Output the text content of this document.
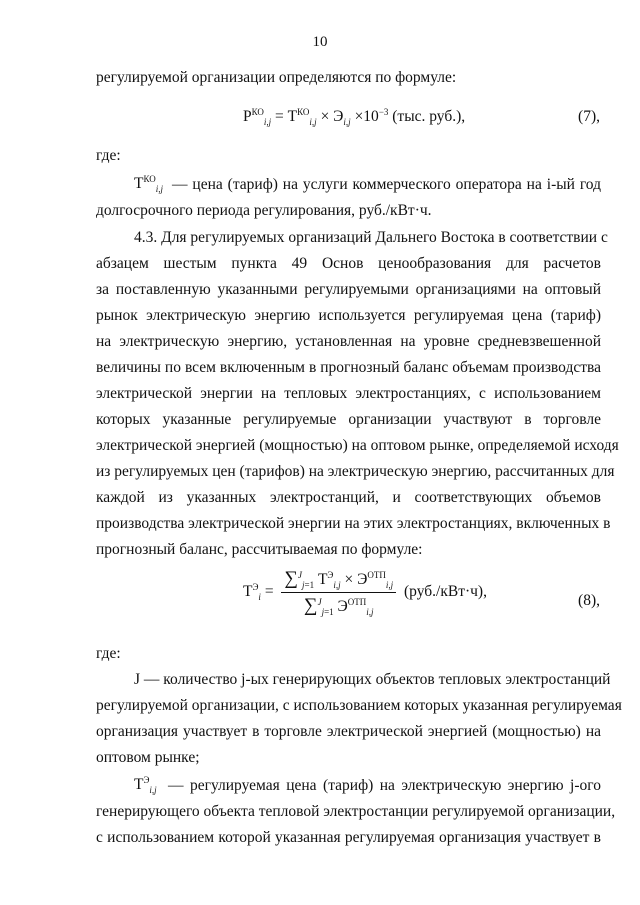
10
регулируемой организации определяются по формуле:
$Р^{КО}_{i,j} = Т^{КО}_{i,j} \times Э_{i,j} \times 10^{-3}$ (тыс. руб.),	(7),
где:
$Т^{КО}_{i,j}$ — цена (тариф) на услуги коммерческого оператора на i-ый год
долгосрочного периода регулирования, руб./кВт·ч.
4.3. Для регулируемых организаций Дальнего Востока в соответствии с
абзацем шестым пункта 49 Основ ценообразования для расчетов
за поставленную указанными регулируемыми организациями на оптовый
рынок электрическую энергию используется регулируемая цена (тариф)
на электрическую энергию, установленная на уровне средневзвешенной
величины по всем включенным в прогнозный баланс объемам производства
электрической энергии на тепловых электростанциях, с использованием
которых указанные регулируемые организации участвуют в торговле
электрической энергией (мощностью) на оптовом рынке, определяемой исходя
из регулируемых цен (тарифов) на электрическую энергию, рассчитанных для
каждой из указанных электростанций, и соответствующих объемов
производства электрической энергии на этих электростанциях, включенных в
прогнозный баланс, рассчитываемая по формуле:
$Т^Э_i = \frac{\sum^J_{j=1} Т^Э_{i,j} \times Э^{ОТП}_{i,j}}{\sum^J_{j=1} Э^{ОТП}_{i,j}} (руб./кВт\cdot ч)$,
(8),
где:
J — количество j-ых генерирующих объектов тепловых электростанций
регулируемой организации, с использованием которых указанная регулируемая
организация участвует в торговле электрической энергией (мощностью) на
оптовом рынке;
$Т^Э_{i,j}$ — регулируемая цена (тариф) на электрическую энергию j-ого
генерирующего объекта тепловой электростанции регулируемой организации,
с использованием которой указанная регулируемая организация участвует в
